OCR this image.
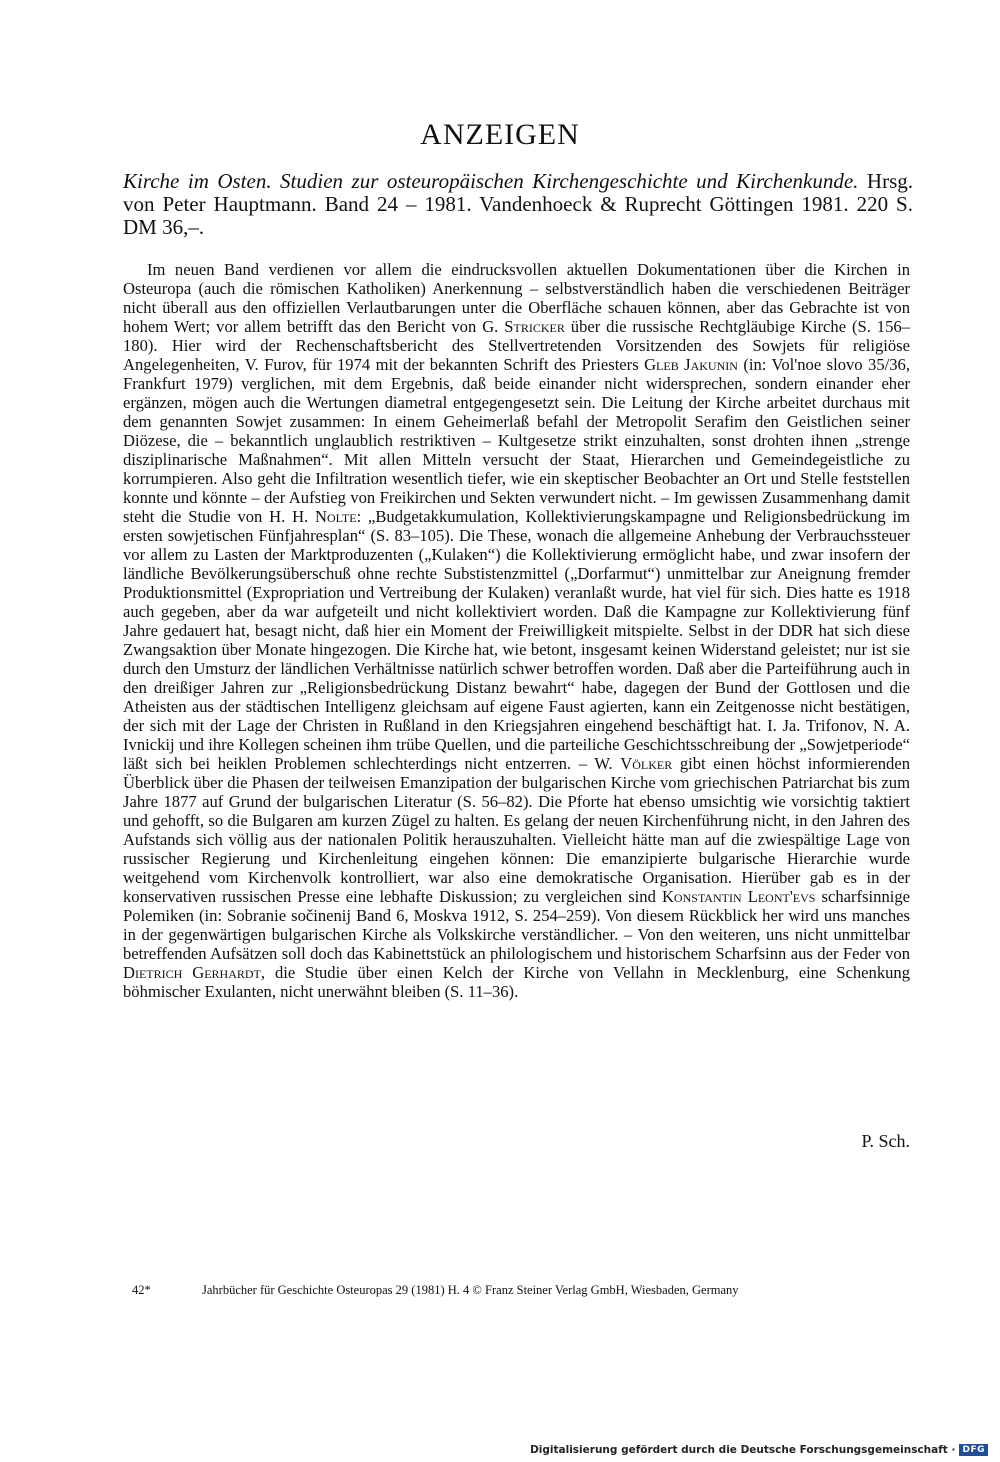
ANZEIGEN

Kirche im Osten. Studien zur osteuropäischen Kirchengeschichte und Kirchenkunde. Hrsg. von Peter Hauptmann. Band 24 – 1981. Vandenhoeck & Ruprecht Göttingen 1981. 220 S. DM 36,–.

Im neuen Band verdienen vor allem die eindrucksvollen aktuellen Dokumentationen über die Kirchen in Osteuropa (auch die römischen Katholiken) Anerkennung – selbstverständlich haben die verschiedenen Beiträger nicht überall aus den offiziellen Verlautbarungen unter die Oberfläche schauen können, aber das Gebrachte ist von hohem Wert; vor allem betrifft das den Bericht von G. Stricker über die russische Rechtgläubige Kirche (S. 156–180). Hier wird der Rechenschaftsbericht des Stellvertretenden Vorsitzenden des Sowjets für religiöse Angelegenheiten, V. Furov, für 1974 mit der bekannten Schrift des Priesters Gleb Jakunin (in: Vol'noe slovo 35/36, Frankfurt 1979) verglichen, mit dem Ergebnis, daß beide einander nicht widersprechen, sondern einander eher ergänzen, mögen auch die Wertungen diametral entgegengesetzt sein. Die Leitung der Kirche arbeitet durchaus mit dem genannten Sowjet zusammen: In einem Geheimerlaß befahl der Metropolit Serafim den Geistlichen seiner Diözese, die – bekanntlich unglaublich restriktiven – Kultgesetze strikt einzuhalten, sonst drohten ihnen „strenge disziplinarische Maßnahmen“. Mit allen Mitteln versucht der Staat, Hierarchen und Gemeindegeistliche zu korrumpieren. Also geht die Infiltration wesentlich tiefer, wie ein skeptischer Beobachter an Ort und Stelle feststellen konnte und könnte – der Aufstieg von Freikirchen und Sekten verwundert nicht. – Im gewissen Zusammenhang damit steht die Studie von H. H. Nolte: „Budgetakkumulation, Kollektivierungskampagne und Religionsbedrückung im ersten sowjetischen Fünfjahresplan“ (S. 83–105). Die These, wonach die allgemeine Anhebung der Verbrauchssteuer vor allem zu Lasten der Marktproduzenten („Kulaken“) die Kollektivierung ermöglicht habe, und zwar insofern der ländliche Bevölkerungsüberschuß ohne rechte Substistenzmittel („Dorfarmut“) unmittelbar zur Aneignung fremder Produktionsmittel (Expropriation und Vertreibung der Kulaken) veranlaßt wurde, hat viel für sich. Dies hatte es 1918 auch gegeben, aber da war aufgeteilt und nicht kollektiviert worden. Daß die Kampagne zur Kollektivierung fünf Jahre gedauert hat, besagt nicht, daß hier ein Moment der Freiwilligkeit mitspielte. Selbst in der DDR hat sich diese Zwangsaktion über Monate hingezogen. Die Kirche hat, wie betont, insgesamt keinen Widerstand geleistet; nur ist sie durch den Umsturz der ländlichen Verhältnisse natürlich schwer betroffen worden. Daß aber die Parteiführung auch in den dreißiger Jahren zur „Religionsbedrückung Distanz bewahrt“ habe, dagegen der Bund der Gottlosen und die Atheisten aus der städtischen Intelligenz gleichsam auf eigene Faust agierten, kann ein Zeitgenosse nicht bestätigen, der sich mit der Lage der Christen in Rußland in den Kriegsjahren eingehend beschäftigt hat. I. Ja. Trifonov, N. A. Ivnickij und ihre Kollegen scheinen ihm trübe Quellen, und die parteiliche Geschichtsschreibung der „Sowjetperiode“ läßt sich bei heiklen Problemen schlechterdings nicht entzerren. – W. Völker gibt einen höchst informierenden Überblick über die Phasen der teilweisen Emanzipation der bulgarischen Kirche vom griechischen Patriarchat bis zum Jahre 1877 auf Grund der bulgarischen Literatur (S. 56–82). Die Pforte hat ebenso umsichtig wie vorsichtig taktiert und gehofft, so die Bulgaren am kurzen Zügel zu halten. Es gelang der neuen Kirchenführung nicht, in den Jahren des Aufstands sich völlig aus der nationalen Politik herauszuhalten. Vielleicht hätte man auf die zwiespältige Lage von russischer Regierung und Kirchenleitung eingehen können: Die emanzipierte bulgarische Hierarchie wurde weitgehend vom Kirchenvolk kontrolliert, war also eine demokratische Organisation. Hierüber gab es in der konservativen russischen Presse eine lebhafte Diskussion; zu vergleichen sind Konstantin Leont'evs scharfsinnige Polemiken (in: Sobranie sočinenij Band 6, Moskva 1912, S. 254–259). Von diesem Rückblick her wird uns manches in der gegenwärtigen bulgarischen Kirche als Volkskirche verständlicher. – Von den weiteren, uns nicht unmittelbar betreffenden Aufsätzen soll doch das Kabinettstück an philologischem und historischem Scharfsinn aus der Feder von Dietrich Gerhardt, die Studie über einen Kelch der Kirche von Vellahn in Mecklenburg, eine Schenkung böhmischer Exulanten, nicht unerwähnt bleiben (S. 11–36).

P. Sch.

42*	Jahrbücher für Geschichte Osteuropas 29 (1981) H. 4 © Franz Steiner Verlag GmbH, Wiesbaden, Germany

Digitalisierung gefördert durch die Deutsche Forschungsgemeinschaft · DFG
